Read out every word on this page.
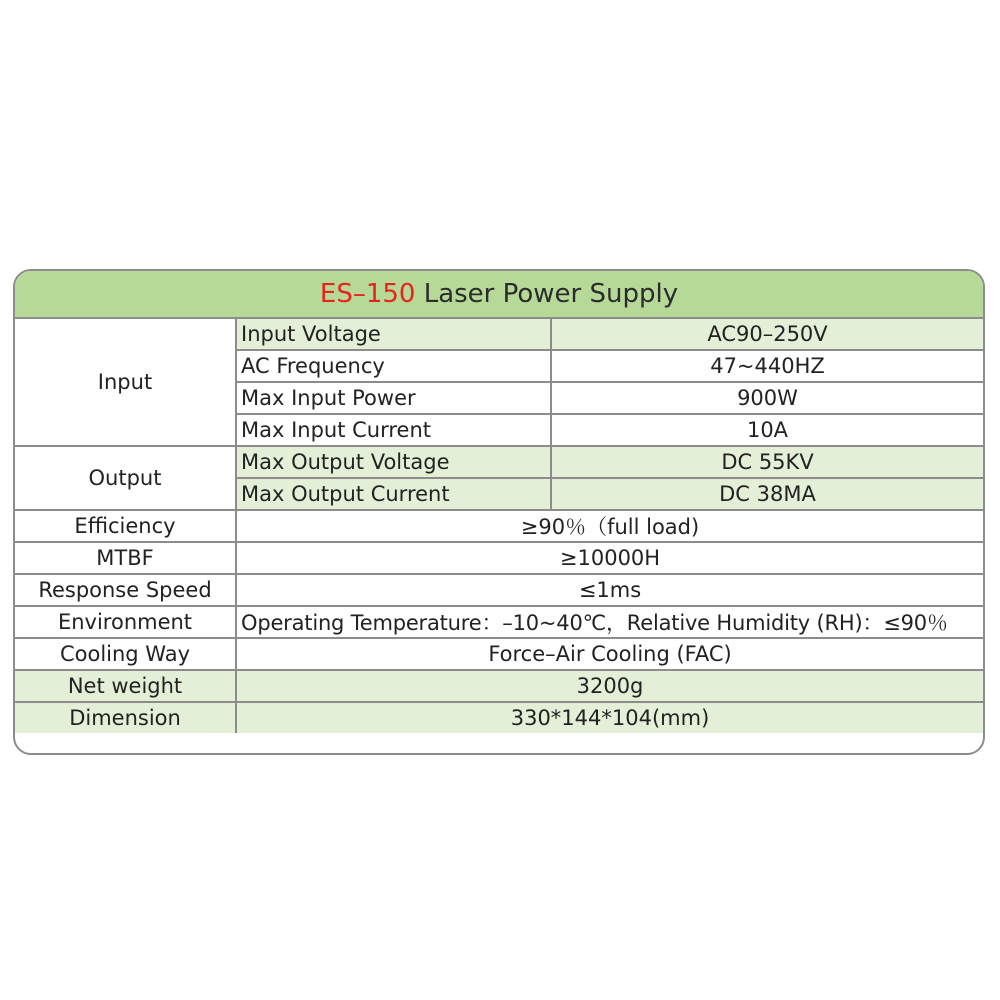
ES–150 Laser Power Supply
Input	Input Voltage	AC90–250V
	AC Frequency	47~440HZ
	Max Input Power	900W
	Max Input Current	10A
Output	Max Output Voltage	DC 55KV
	Max Output Current	DC 38MA
Efficiency	≥90％（full load)	
MTBF	≥10000H	
Response Speed	≤1ms	
Environment	Operating Temperature：–10~40℃，Relative Humidity (RH)：≤90％	
Cooling Way	Force–Air Cooling (FAC)	
Net weight	3200g	
Dimension	330*144*104(mm)	
